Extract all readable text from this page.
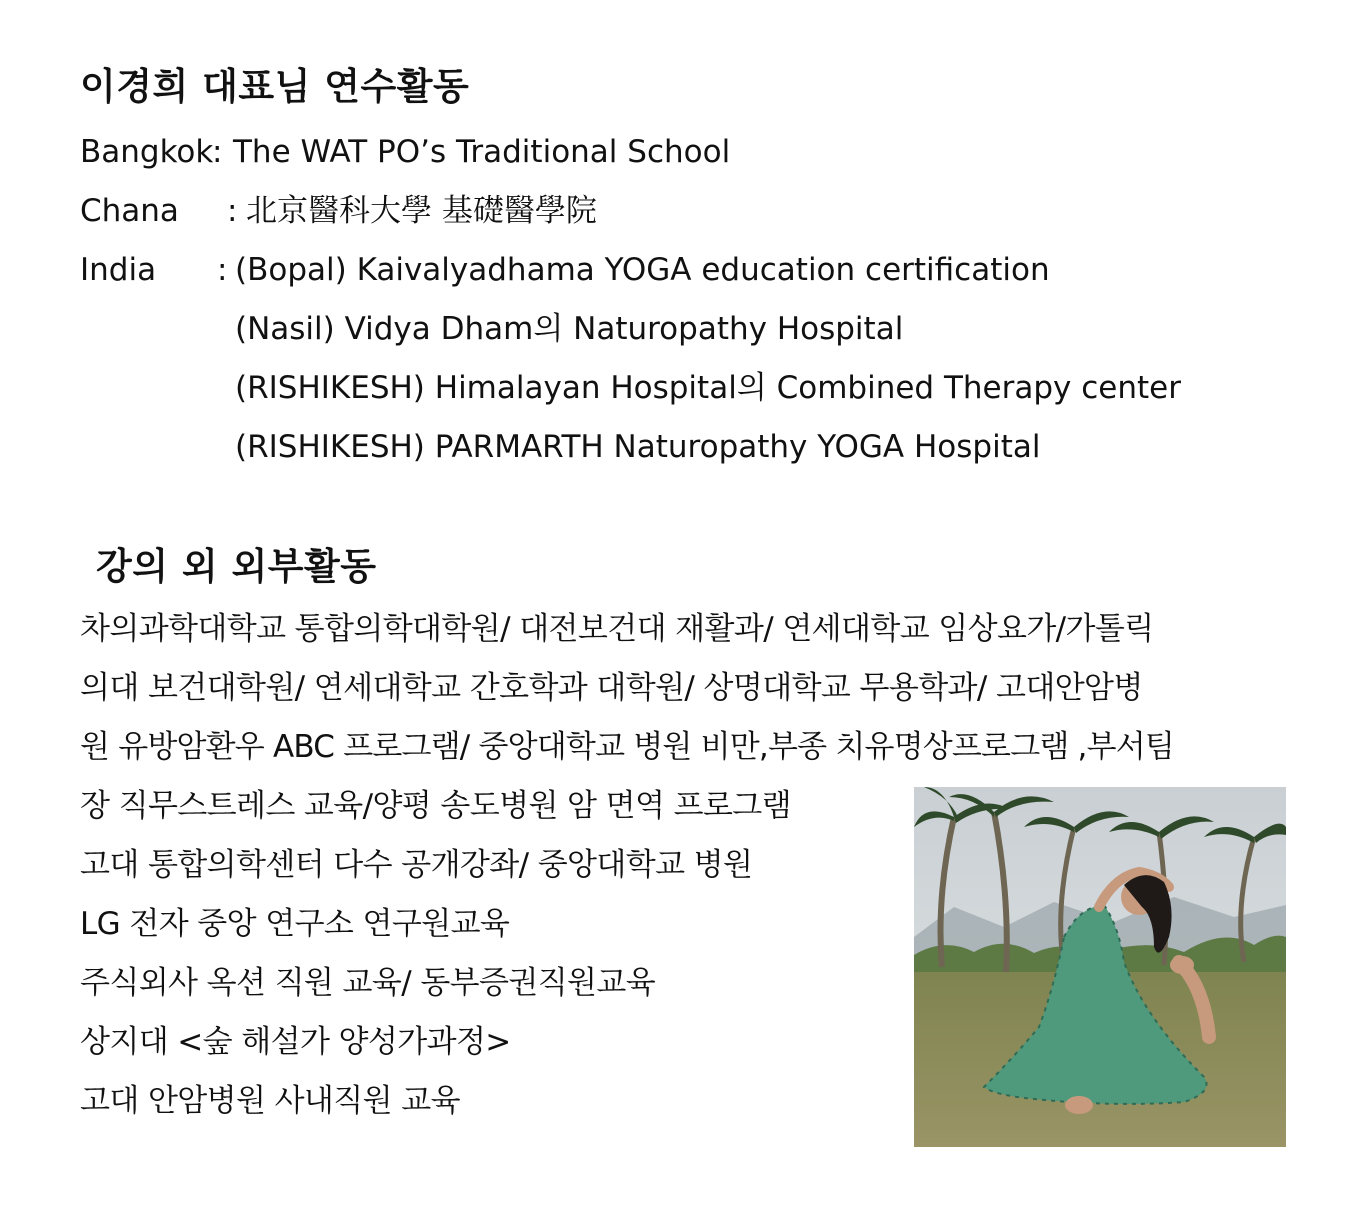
이경희 대표님 연수활동
Bangkok
: The WAT PO’s Traditional School
Chana : 北京醫科大學 基礎醫學院
India : (Bopal) Kaivalyadhama YOGA education certification
(Nasil) Vidya Dham의 Naturopathy Hospital
(RISHIKESH) Himalayan Hospital의 Combined Therapy center
(RISHIKESH) PARMARTH Naturopathy YOGA Hospital
강의 외 외부활동
차의과학대학교 통합의학대학원/ 대전보건대 재활과/ 연세대학교 임상요가/가톨릭
의대 보건대학원/ 연세대학교 간호학과 대학원/ 상명대학교 무용학과/ 고대안암병
원 유방암환우 ABC 프로그램/ 중앙대학교 병원 비만,부종 치유명상프로그램 ,부서팀
장 직무스트레스 교육/양평 송도병원 암 면역 프로그램
고대 통합의학센터 다수 공개강좌/ 중앙대학교 병원
LG 전자 중앙 연구소 연구원교육
주식외사 옥션 직원 교육/ 동부증권직원교육
상지대 <숲 해설가 양성가과정>
고대 안암병원 사내직원 교육
